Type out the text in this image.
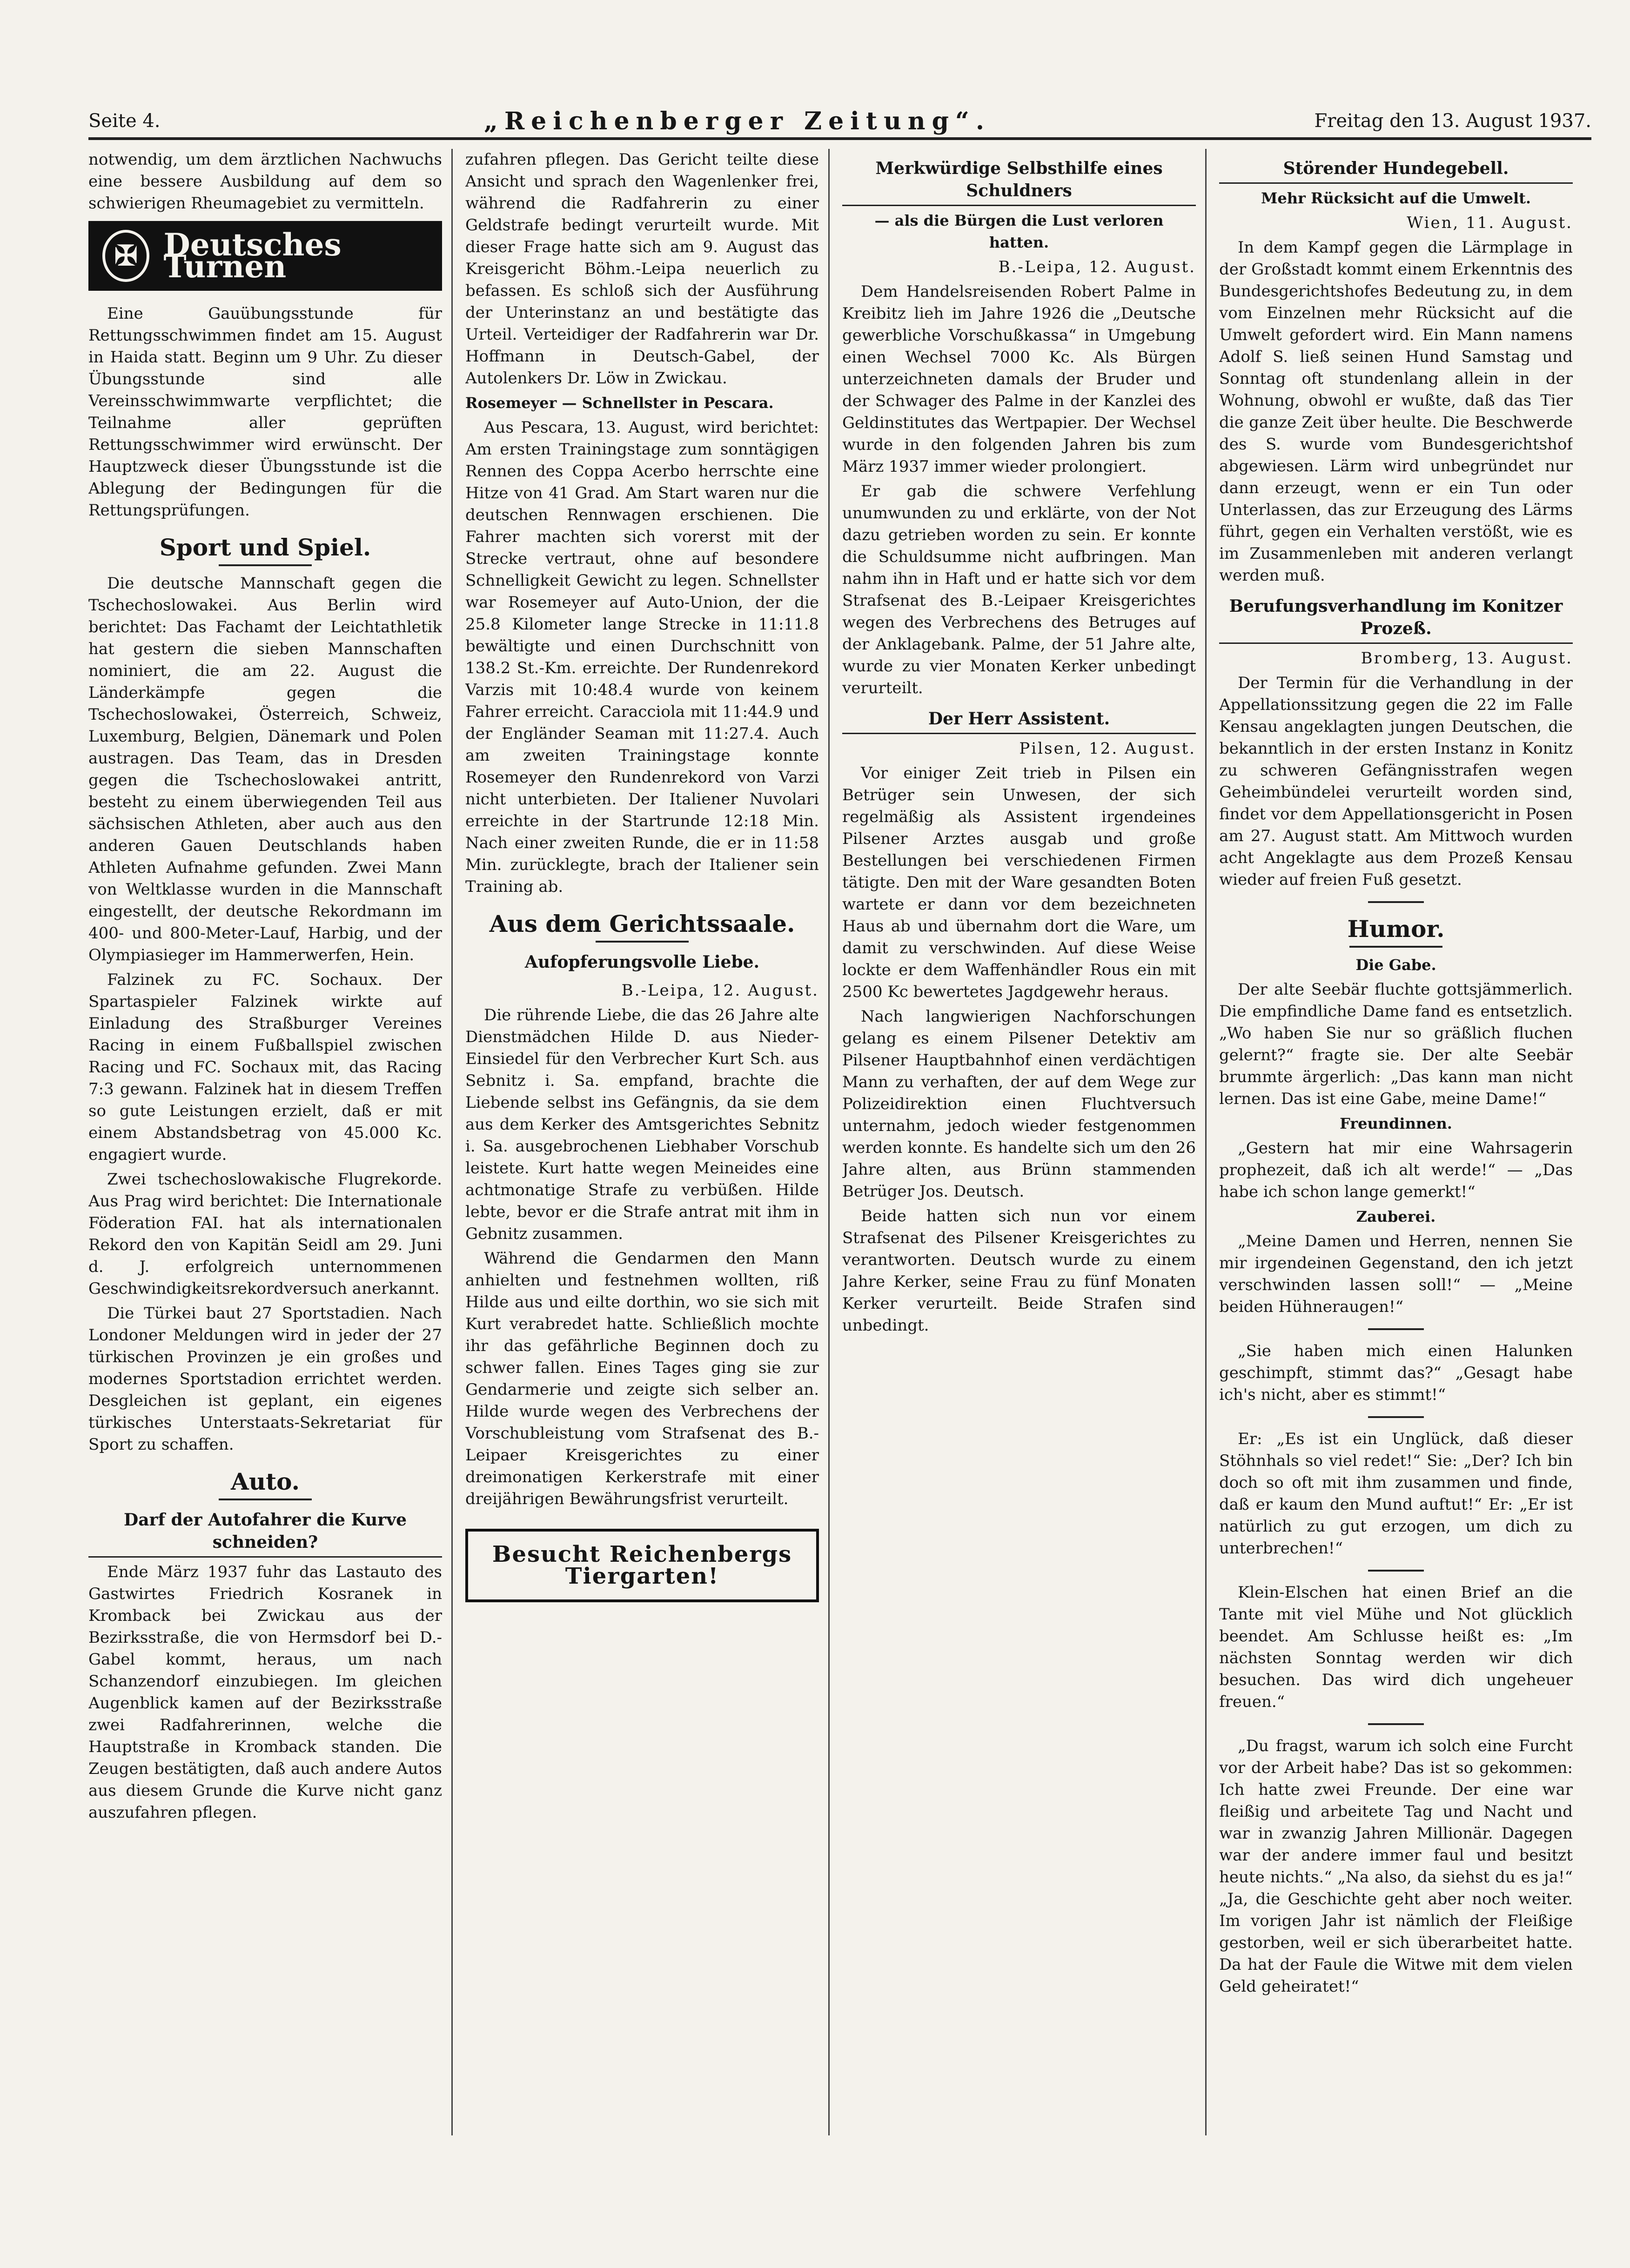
Seite 4.	„Reichenberger Zeitung“.	Freitag den 13. August 1937.

notwendig, um dem ärztlichen Nachwuchs eine bessere Ausbildung auf dem so schwierigen Rheumagebiet zu vermitteln.

✠ Deutsches Turnen

Eine Gauübungsstunde für Rettungsschwimmen findet am 15. August in Haida statt. Beginn um 9 Uhr. Zu dieser Übungsstunde sind alle Vereinsschwimmwarte verpflichtet; die Teilnahme aller geprüften Rettungsschwimmer wird erwünscht. Der Hauptzweck dieser Übungsstunde ist die Ablegung der Bedingungen für die Rettungsprüfungen.

Sport und Spiel.

Die deutsche Mannschaft gegen die Tschechoslowakei. Aus Berlin wird berichtet: Das Fachamt der Leichtathletik hat gestern die sieben Mannschaften nominiert, die am 22. August die Länderkämpfe gegen die Tschechoslowakei, Österreich, Schweiz, Luxemburg, Belgien, Dänemark und Polen austragen. Das Team, das in Dresden gegen die Tschechoslowakei antritt, besteht zu einem überwiegenden Teil aus sächsischen Athleten, aber auch aus den anderen Gauen Deutschlands haben Athleten Aufnahme gefunden. Zwei Mann von Weltklasse wurden in die Mannschaft eingestellt, der deutsche Rekordmann im 400- und 800-Meter-Lauf, Harbig, und der Olympiasieger im Hammerwerfen, Hein.

Falzinek zu FC. Sochaux. Der Spartaspieler Falzinek wirkte auf Einladung des Straßburger Vereines Racing in einem Fußballspiel zwischen Racing und FC. Sochaux mit, das Racing 7:3 gewann. Falzinek hat in diesem Treffen so gute Leistungen erzielt, daß er mit einem Abstandsbetrag von 45.000 Kc. engagiert wurde.

Zwei tschechoslowakische Flugrekorde. Aus Prag wird berichtet: Die Internationale Föderation FAI. hat als internationalen Rekord den von Kapitän Seidl am 29. Juni d. J. erfolgreich unternommenen Geschwindigkeitsrekordversuch anerkannt.

Die Türkei baut 27 Sportstadien. Nach Londoner Meldungen wird in jeder der 27 türkischen Provinzen je ein großes und modernes Sportstadion errichtet werden. Desgleichen ist geplant, ein eigenes türkisches Unterstaats-Sekretariat für Sport zu schaffen.

Auto.
Darf der Autofahrer die Kurve schneiden?

Ende März 1937 fuhr das Lastauto des Gastwirtes Friedrich Kosranek in Kromback bei Zwickau aus der Bezirksstraße, die von Hermsdorf bei D.-Gabel kommt, heraus, um nach Schanzendorf einzubiegen. Im gleichen Augenblick kamen auf der Bezirksstraße zwei Radfahrerinnen, welche die Hauptstraße in Kromback standen. Die Zeugen bestätigten, daß auch andere Autos aus diesem Grunde die Kurve nicht ganz auszufahren pflegen.

zufahren pflegen. Das Gericht teilte diese Ansicht und sprach den Wagenlenker frei, während die Radfahrerin zu einer Geldstrafe bedingt verurteilt wurde. Mit dieser Frage hatte sich am 9. August das Kreisgericht Böhm.-Leipa neuerlich zu befassen. Es schloß sich der Ausführung der Unterinstanz an und bestätigte das Urteil. Verteidiger der Radfahrerin war Dr. Hoffmann in Deutsch-Gabel, der Autolenkers Dr. Löw in Zwickau.

Rosemeyer — Schnellster in Pescara.

Aus Pescara, 13. August, wird berichtet: Am ersten Trainingstage zum sonntägigen Rennen des Coppa Acerbo herrschte eine Hitze von 41 Grad. Am Start waren nur die deutschen Rennwagen erschienen. Die Fahrer machten sich vorerst mit der Strecke vertraut, ohne auf besondere Schnelligkeit Gewicht zu legen. Schnellster war Rosemeyer auf Auto-Union, der die 25.8 Kilometer lange Strecke in 11:11.8 bewältigte und einen Durchschnitt von 138.2 St.-Km. erreichte. Der Rundenrekord Varzis mit 10:48.4 wurde von keinem Fahrer erreicht. Caracciola mit 11:44.9 und der Engländer Seaman mit 11:27.4. Auch am zweiten Trainingstage konnte Rosemeyer den Rundenrekord von Varzi nicht unterbieten. Der Italiener Nuvolari erreichte in der Startrunde 12:18 Min. Nach einer zweiten Runde, die er in 11:58 Min. zurücklegte, brach der Italiener sein Training ab.

Aus dem Gerichtssaale.
Aufopferungsvolle Liebe.
B.-Leipa, 12. August.

Die rührende Liebe, die das 26 Jahre alte Dienstmädchen Hilde D. aus Nieder-Einsiedel für den Verbrecher Kurt Sch. aus Sebnitz i. Sa. empfand, brachte die Liebende selbst ins Gefängnis, da sie dem aus dem Kerker des Amtsgerichtes Sebnitz i. Sa. ausgebrochenen Liebhaber Vorschub leistete. Kurt hatte wegen Meineides eine achtmonatige Strafe zu verbüßen. Hilde lebte, bevor er die Strafe antrat mit ihm in Gebnitz zusammen.

Während die Gendarmen den Mann anhielten und festnehmen wollten, riß Hilde aus und eilte dorthin, wo sie sich mit Kurt verabredet hatte. Schließlich mochte ihr das gefährliche Beginnen doch zu schwer fallen. Eines Tages ging sie zur Gendarmerie und zeigte sich selber an. Hilde wurde wegen des Verbrechens der Vorschubleistung vom Strafsenat des B.-Leipaer Kreisgerichtes zu einer dreimonatigen Kerkerstrafe mit einer dreijährigen Bewährungsfrist verurteilt.

Besucht Reichenbergs Tiergarten!
Merkwürdige Selbsthilfe eines Schuldners
— als die Bürgen die Lust verloren hatten.
B.-Leipa, 12. August.

Dem Handelsreisenden Robert Palme in Kreibitz lieh im Jahre 1926 die „Deutsche gewerbliche Vorschußkassa“ in Umgebung einen Wechsel 7000 Kc. Als Bürgen unterzeichneten damals der Bruder und der Schwager des Palme in der Kanzlei des Geldinstitutes das Wertpapier. Der Wechsel wurde in den folgenden Jahren bis zum März 1937 immer wieder prolongiert.

Er gab die schwere Verfehlung unumwunden zu und erklärte, von der Not dazu getrieben worden zu sein. Er konnte die Schuldsumme nicht aufbringen. Man nahm ihn in Haft und er hatte sich vor dem Strafsenat des B.-Leipaer Kreisgerichtes wegen des Verbrechens des Betruges auf der Anklagebank. Palme, der 51 Jahre alte, wurde zu vier Monaten Kerker unbedingt verurteilt.

Der Herr Assistent.
Pilsen, 12. August.

Vor einiger Zeit trieb in Pilsen ein Betrüger sein Unwesen, der sich regelmäßig als Assistent irgendeines Pilsener Arztes ausgab und große Bestellungen bei verschiedenen Firmen tätigte. Den mit der Ware gesandten Boten wartete er dann vor dem bezeichneten Haus ab und übernahm dort die Ware, um damit zu verschwinden. Auf diese Weise lockte er dem Waffenhändler Rous ein mit 2500 Kc bewertetes Jagdgewehr heraus.

Nach langwierigen Nachforschungen gelang es einem Pilsener Detektiv am Pilsener Hauptbahnhof einen verdächtigen Mann zu verhaften, der auf dem Wege zur Polizeidirektion einen Fluchtversuch unternahm, jedoch wieder festgenommen werden konnte. Es handelte sich um den 26 Jahre alten, aus Brünn stammenden Betrüger Jos. Deutsch.

Beide hatten sich nun vor einem Strafsenat des Pilsener Kreisgerichtes zu verantworten. Deutsch wurde zu einem Jahre Kerker, seine Frau zu fünf Monaten Kerker verurteilt. Beide Strafen sind unbedingt.

Störender Hundegebell.
Mehr Rücksicht auf die Umwelt.
Wien, 11. August.

In dem Kampf gegen die Lärmplage in der Großstadt kommt einem Erkenntnis des Bundesgerichtshofes Bedeutung zu, in dem vom Einzelnen mehr Rücksicht auf die Umwelt gefordert wird. Ein Mann namens Adolf S. ließ seinen Hund Samstag und Sonntag oft stundenlang allein in der Wohnung, obwohl er wußte, daß das Tier die ganze Zeit über heulte. Die Beschwerde des S. wurde vom Bundesgerichtshof abgewiesen. Lärm wird unbegründet nur dann erzeugt, wenn er ein Tun oder Unterlassen, das zur Erzeugung des Lärms führt, gegen ein Verhalten verstößt, wie es im Zusammenleben mit anderen verlangt werden muß.

Berufungsverhandlung im Konitzer Prozeß.
Bromberg, 13. August.

Der Termin für die Verhandlung in der Appellationssitzung gegen die 22 im Falle Kensau angeklagten jungen Deutschen, die bekanntlich in der ersten Instanz in Konitz zu schweren Gefängnisstrafen wegen Geheimbündelei verurteilt worden sind, findet vor dem Appellationsgericht in Posen am 27. August statt. Am Mittwoch wurden acht Angeklagte aus dem Prozeß Kensau wieder auf freien Fuß gesetzt.

Humor.
Die Gabe.

Der alte Seebär fluchte gottsjämmerlich. Die empfindliche Dame fand es entsetzlich. „Wo haben Sie nur so gräßlich fluchen gelernt?“ fragte sie. Der alte Seebär brummte ärgerlich: „Das kann man nicht lernen. Das ist eine Gabe, meine Dame!“

Freundinnen.

„Gestern hat mir eine Wahrsagerin prophezeit, daß ich alt werde!“ — „Das habe ich schon lange gemerkt!“

Zauberei.

„Meine Damen und Herren, nennen Sie mir irgendeinen Gegenstand, den ich jetzt verschwinden lassen soll!“ — „Meine beiden Hühneraugen!“

„Sie haben mich einen Halunken geschimpft, stimmt das?“ „Gesagt habe ich's nicht, aber es stimmt!“

Er: „Es ist ein Unglück, daß dieser Stöhnhals so viel redet!“ Sie: „Der? Ich bin doch so oft mit ihm zusammen und finde, daß er kaum den Mund auftut!“ Er: „Er ist natürlich zu gut erzogen, um dich zu unterbrechen!“

Klein-Elschen hat einen Brief an die Tante mit viel Mühe und Not glücklich beendet. Am Schlusse heißt es: „Im nächsten Sonntag werden wir dich besuchen. Das wird dich ungeheuer freuen.“

„Du fragst, warum ich solch eine Furcht vor der Arbeit habe? Das ist so gekommen: Ich hatte zwei Freunde. Der eine war fleißig und arbeitete Tag und Nacht und war in zwanzig Jahren Millionär. Dagegen war der andere immer faul und besitzt heute nichts.“ „Na also, da siehst du es ja!“ „Ja, die Geschichte geht aber noch weiter. Im vorigen Jahr ist nämlich der Fleißige gestorben, weil er sich überarbeitet hatte. Da hat der Faule die Witwe mit dem vielen Geld geheiratet!“
